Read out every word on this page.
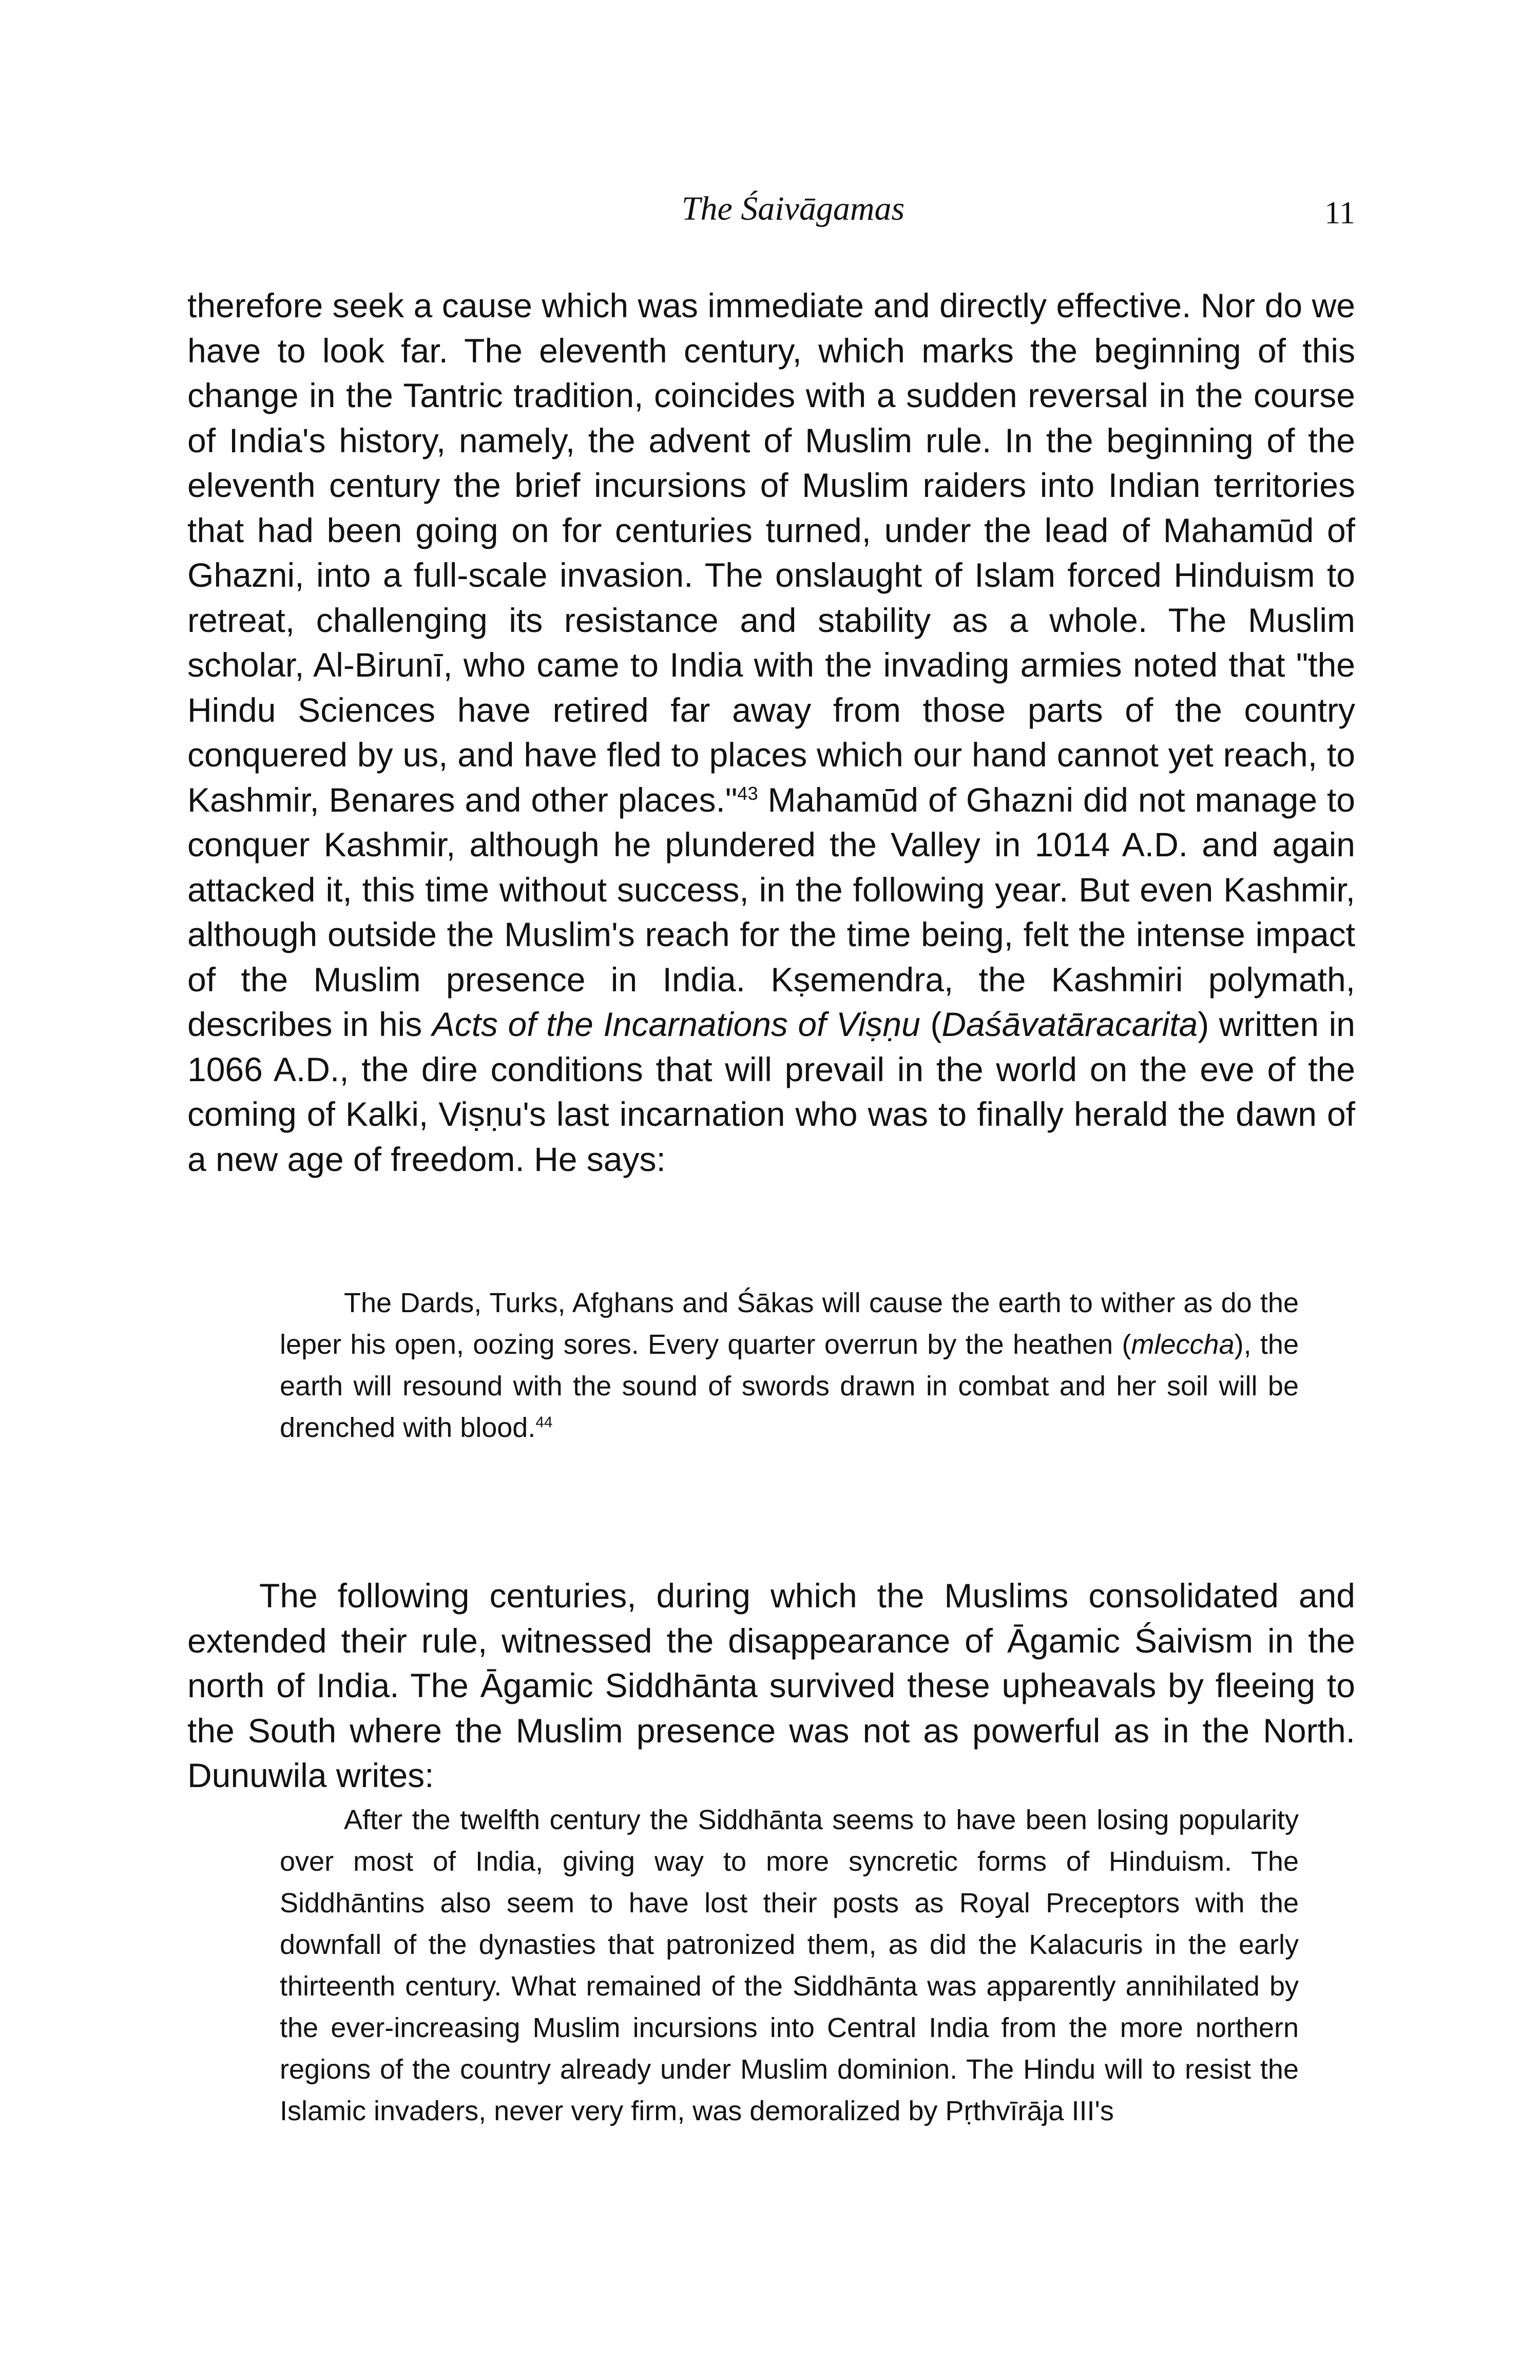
The Śaivāgamas	11

therefore seek a cause which was immediate and directly effective. Nor do we have to look far. The eleventh century, which marks the beginning of this change in the Tantric tradition, coincides with a sudden reversal in the course of India's history, namely, the advent of Muslim rule. In the beginning of the eleventh century the brief incursions of Muslim raiders into Indian territories that had been going on for centuries turned, under the lead of Mahamūd of Ghazni, into a full-scale invasion. The onslaught of Islam forced Hinduism to retreat, challenging its resistance and stability as a whole. The Muslim scholar, Al-Birunī, who came to India with the invading armies noted that "the Hindu Sciences have retired far away from those parts of the country conquered by us, and have fled to places which our hand cannot yet reach, to Kashmir, Benares and other places."$^{43}$ Mahamūd of Ghazni did not manage to conquer Kashmir, although he plundered the Valley in 1014 A.D. and again attacked it, this time without success, in the following year. But even Kashmir, although outside the Muslim's reach for the time being, felt the intense impact of the Muslim presence in India. Kṣemendra, the Kashmiri polymath, describes in his Acts of the Incarnations of Viṣṇu (Daśāvatāracarita) written in 1066 A.D., the dire conditions that will prevail in the world on the eve of the coming of Kalki, Viṣṇu's last incarnation who was to finally herald the dawn of a new age of freedom. He says:

The Dards, Turks, Afghans and Śākas will cause the earth to wither as do the leper his open, oozing sores. Every quarter overrun by the heathen (mleccha), the earth will resound with the sound of swords drawn in combat and her soil will be drenched with blood.$^{44}$

The following centuries, during which the Muslims consolidated and extended their rule, witnessed the disappearance of Āgamic Śaivism in the north of India. The Āgamic Siddhānta survived these upheavals by fleeing to the South where the Muslim presence was not as powerful as in the North. Dunuwila writes:

After the twelfth century the Siddhānta seems to have been losing popularity over most of India, giving way to more syncretic forms of Hinduism. The Siddhāntins also seem to have lost their posts as Royal Preceptors with the downfall of the dynasties that patronized them, as did the Kalacuris in the early thirteenth century. What remained of the Siddhānta was apparently annihilated by the ever-increasing Muslim incursions into Central India from the more northern regions of the country already under Muslim dominion. The Hindu will to resist the Islamic invaders, never very firm, was demoralized by Pṛthvīrāja III's
